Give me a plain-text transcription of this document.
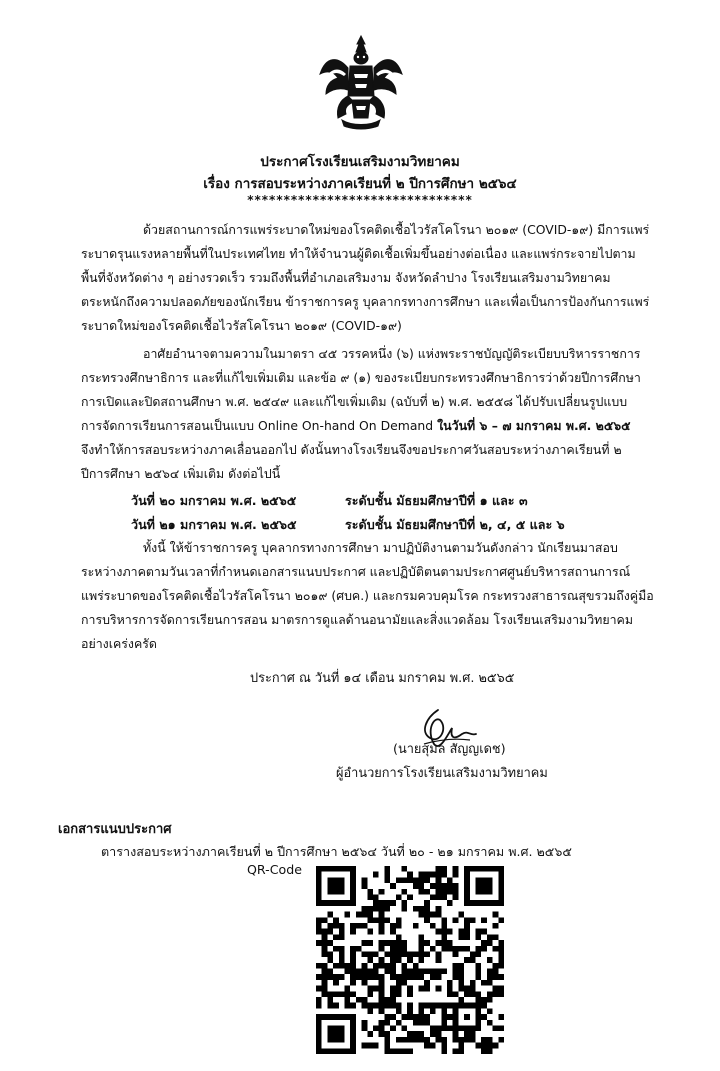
ประกาศโรงเรียนเสริมงามวิทยาคม
เรื่อง การสอบระหว่างภาคเรียนที่ ๒ ปีการศึกษา ๒๕๖๔
*******************************
ด้วยสถานการณ์การแพร่ระบาดใหม่ของโรคติดเชื้อไวรัสโคโรนา ๒๐๑๙ (COVID-๑๙) มีการแพร่
ระบาดรุนแรงหลายพื้นที่ในประเทศไทย ทำให้จำนวนผู้ติดเชื้อเพิ่มขึ้นอย่างต่อเนื่อง และแพร่กระจายไปตาม
พื้นที่จังหวัดต่าง ๆ อย่างรวดเร็ว รวมถึงพื้นที่อำเภอเสริมงาม จังหวัดลำปาง โรงเรียนเสริมงามวิทยาคม
ตระหนักถึงความปลอดภัยของนักเรียน ข้าราชการครู บุคลากรทางการศึกษา และเพื่อเป็นการป้องกันการแพร่
ระบาดใหม่ของโรคติดเชื้อไวรัสโคโรนา ๒๐๑๙ (COVID-๑๙)
อาศัยอำนาจตามความในมาตรา ๔๕ วรรคหนึ่ง (๖) แห่งพระราชบัญญัติระเบียบบริหารราชการ
กระทรวงศึกษาธิการ และที่แก้ไขเพิ่มเติม และข้อ ๙ (๑) ของระเบียบกระทรวงศึกษาธิการว่าด้วยปีการศึกษา
การเปิดและปิดสถานศึกษา พ.ศ. ๒๕๔๙ และแก้ไขเพิ่มเติม (ฉบับที่ ๒) พ.ศ. ๒๕๕๘ ได้ปรับเปลี่ยนรูปแบบ
การจัดการเรียนการสอนเป็นแบบ Online On-hand On Demand ในวันที่ ๖ – ๗ มกราคม พ.ศ. ๒๕๖๕
จึงทำให้การสอบระหว่างภาคเลื่อนออกไป ดังนั้นทางโรงเรียนจึงขอประกาศวันสอบระหว่างภาคเรียนที่ ๒
ปีการศึกษา ๒๕๖๔ เพิ่มเติม ดังต่อไปนี้
วันที่ ๒๐ มกราคม พ.ศ. ๒๕๖๕	ระดับชั้น มัธยมศึกษาปีที่ ๑ และ ๓
วันที่ ๒๑ มกราคม พ.ศ. ๒๕๖๕	ระดับชั้น มัธยมศึกษาปีที่ ๒, ๔, ๕ และ ๖
ทั้งนี้ ให้ข้าราชการครู บุคลากรทางการศึกษา มาปฏิบัติงานตามวันดังกล่าว นักเรียนมาสอบ
ระหว่างภาคตามวันเวลาที่กำหนดเอกสารแนบประกาศ และปฏิบัติตนตามประกาศศูนย์บริหารสถานการณ์
แพร่ระบาดของโรคติดเชื้อไวรัสโคโรนา ๒๐๑๙ (ศบค.) และกรมควบคุมโรค กระทรวงสาธารณสุขรวมถึงคู่มือ
การบริหารการจัดการเรียนการสอน มาตรการดูแลด้านอนามัยและสิ่งแวดล้อม โรงเรียนเสริมงามวิทยาคม
อย่างเคร่งครัด
ประกาศ ณ วันที่ ๑๔ เดือน มกราคม พ.ศ. ๒๕๖๕
(นายสุมล สัญญเดช)
ผู้อำนวยการโรงเรียนเสริมงามวิทยาคม
เอกสารแนบประกาศ
ตารางสอบระหว่างภาคเรียนที่ ๒ ปีการศึกษา ๒๕๖๔ วันที่ ๒๐ - ๒๑ มกราคม พ.ศ. ๒๕๖๕
QR-Code
